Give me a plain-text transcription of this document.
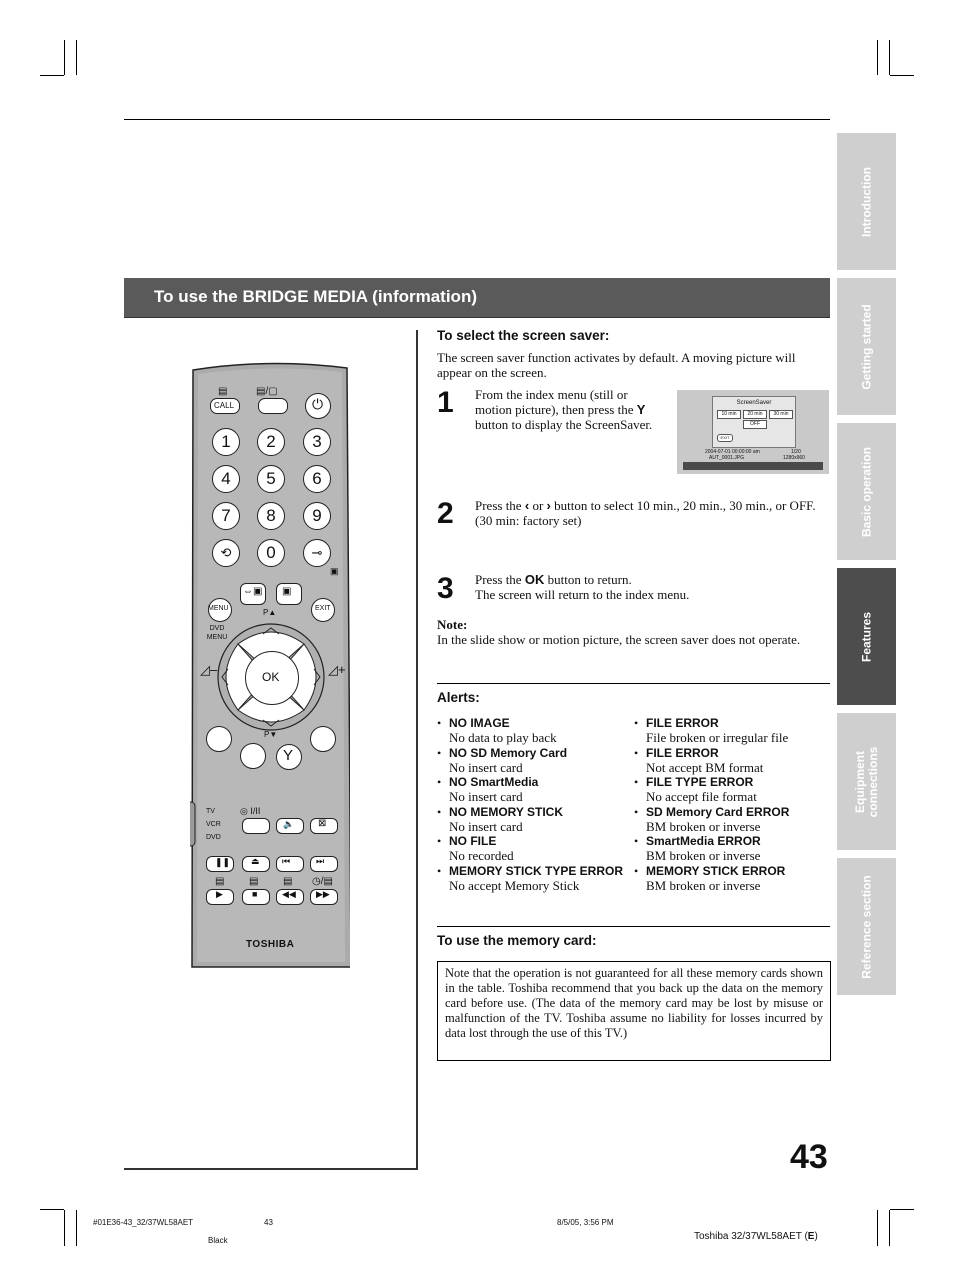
To use the BRIDGE MEDIA (information)
Introduction
Getting started
Basic operation
Features
Equipment connections
Reference section
CALL
▤	▤/▢
⏻
1	2	3
4	5	6
7	8	9
⟲	0	⊸
▣
⇔▣ ▣
MENU	EXIT
DVD MENU
P▲
OK
◿–	◿+
P▼
Y
TV
VCR
DVD
◎ I/II
🔈 ⊠
❚❚ ⏏ ⏮	⏭
▤ ▤ ▤ ◷/▤
▶	■	◀◀ ▶▶
TOSHIBA
To select the screen saver:
The screen saver function activates by default. A moving picture will appear on the screen.
1 From the index menu (still or motion picture), then press the Y button to display the ScreenSaver.
ScreenSaver
10 min	20 min	30 min
OFF
EXIT
2004-07-01 00:00:00 am
AUT_0001.JPG
1/20
1280x960
2 Press the ‹ or › button to select 10 min., 20 min., 30 min., or OFF.
(30 min: factory set)
3 Press the OK button to return.
The screen will return to the index menu.
Note:
In the slide show or motion picture, the screen saver does not operate.
Alerts:
• NO IMAGE
No data to play back
• NO SD Memory Card
No insert card
• NO SmartMedia
No insert card
• NO MEMORY STICK
No insert card
• NO FILE
No recorded
• MEMORY STICK TYPE ERROR
No accept Memory Stick
• FILE ERROR
File broken or irregular file
• FILE ERROR
Not accept BM format
• FILE TYPE ERROR
No accept file format
• SD Memory Card ERROR
BM broken or inverse
• SmartMedia ERROR
BM broken or inverse
• MEMORY STICK ERROR
BM broken or inverse
To use the memory card:

Note that the operation is not guaranteed for all these memory cards shown in the table. Toshiba recommend that you back up the data on the memory card before use. (The data of the memory card may be lost by misuse or malfunction of the TV. Toshiba assume no liability for losses incurred by data lost through the use of this TV.)

43
#01E36-43_32/37WL58AET	43	8/5/05, 3:56 PM
Black	Toshiba 32/37WL58AET (E)
